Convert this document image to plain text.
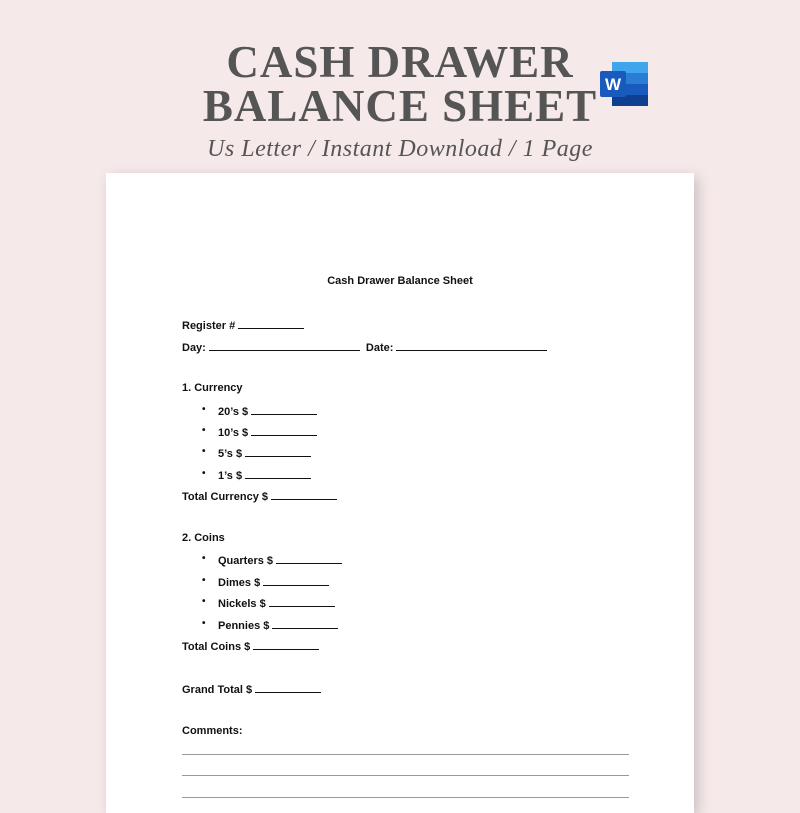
CASH DRAWER
BALANCE SHEET W
Us Letter / Instant Download / 1 Page
Cash Drawer Balance Sheet
Register #
Day:	Date:
1. Currency
• 20’s $
• 10’s $
• 5’s $
• 1’s $
Total Currency $
2. Coins
• Quarters $
• Dimes $
• Nickels $
• Pennies $
Total Coins $
Grand Total $
Comments:
